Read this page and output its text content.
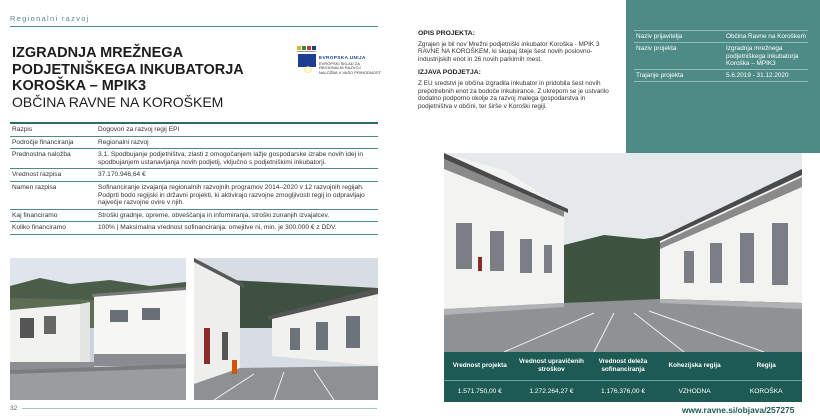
Regionalni razvoj
IZGRADNJA MREŽNEGA PODJETNIŠKEGA INKUBATORJA KOROŠKA – MPIK3
OBČINA RAVNE NA KOROŠKEM
EVROPSKA UNIJA
EVROPSKI SKLAD ZA REGIONALNI RAZVOJ
NALOŽBA V VAŠO PRIHODNOST
Razpis	Dogovori za razvoj regij EPI
Področje financiranja	Regionalni razvoj
Prednostna naložba	3.1. Spodbujanje podjetništva, zlasti z omogočanjem lažje gospodarske izrabe novih idej in spodbujanjem ustanavljanja novih podjetij, vključno s podjetniškimi inkubatorji.
Vrednost razpisa	37.170.946,64 €
Namen razpisa	Sofinanciranje izvajanja regionalnih razvojnih programov 2014–2020 v 12 razvojnih regijah. Podprti bodo regijski in državni projekti, ki aktivirajo razvojne zmogljivosti regij in odpravljajo največje razvojne ovire v njih.
Kaj financiramo	Stroški gradnje, opreme, obveščanja in informiranja, stroški zunanjih izvajalcev.
Koliko financiramo	100% | Maksimalna vrednost sofinanciranja: omejitve ni, min. je 300.000 € z DDV.
32
OPIS PROJEKTA:

Zgrajen je bil nov Mrežni podjetniški inkubator Koroška - MPIK 3 RAVNE NA KOROŠKEM, ki skupaj šteje šest novih poslovno-industrijskih enot in 26 novih parkirnih mest.

IZJAVA PODJETJA:

Z EU sredstvi je občina izgradila inkubator in pridobila šest novih prepotrebnih enot za bodoče inkubirance. Z ukrepom se je ustvarilo dodatno podporno okolje za razvoj malega gospodarstva in podjetništva v občini, ter širše v Koroški regiji.

Naziv prijavitelja	Občina Ravne na Koroškem
Naziv projekta	Izgradnja mrežnega podjetniškega inkubatorja Koroška – MPIK3
Trajanje projekta	5.6.2019 - 31.12.2020
Vrednost projekta	Vrednost upravičenih stroškov	Vrednost deleža sofinanciranja	Kohezijska regija	Regija
1.571.750,00 €	1.272.264,27 €	1.176.376,00 €	VZHODNA	KOROŠKA
www.ravne.si/objava/257275
